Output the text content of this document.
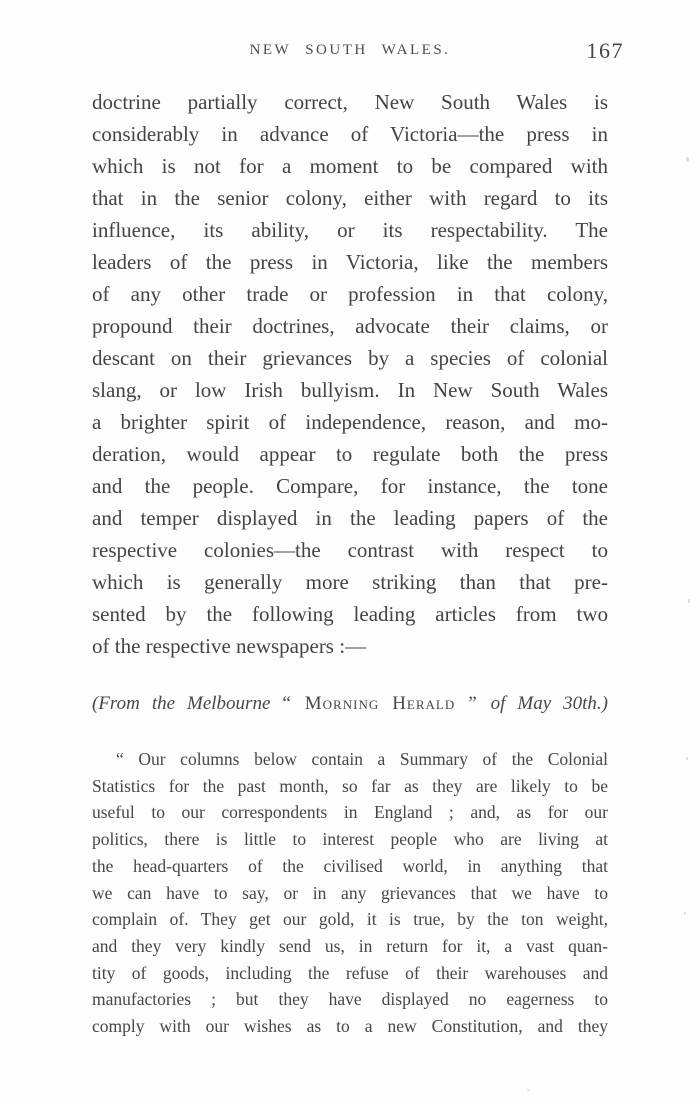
NEW SOUTH WALES.	167
doctrine partially correct, New South Wales is
considerably in advance of Victoria—the press in
which is not for a moment to be compared with
that in the senior colony, either with regard to its
influence, its ability, or its respectability. The
leaders of the press in Victoria, like the members
of any other trade or profession in that colony,
propound their doctrines, advocate their claims, or
descant on their grievances by a species of colonial
slang, or low Irish bullyism. In New South Wales
a brighter spirit of independence, reason, and mo-
deration, would appear to regulate both the press
and the people. Compare, for instance, the tone
and temper displayed in the leading papers of the
respective colonies—the contrast with respect to
which is generally more striking than that pre-
sented by the following leading articles from two
of the respective newspapers :—
(From the Melbourne “ Morning Herald ” of May 30th.)
“ Our columns below contain a Summary of the Colonial
Statistics for the past month, so far as they are likely to be
useful to our correspondents in England ; and, as for our
politics, there is little to interest people who are living at
the head-quarters of the civilised world, in anything that
we can have to say, or in any grievances that we have to
complain of. They get our gold, it is true, by the ton weight,
and they very kindly send us, in return for it, a vast quan-
tity of goods, including the refuse of their warehouses and
manufactories ; but they have displayed no eagerness to
comply with our wishes as to a new Constitution, and they
